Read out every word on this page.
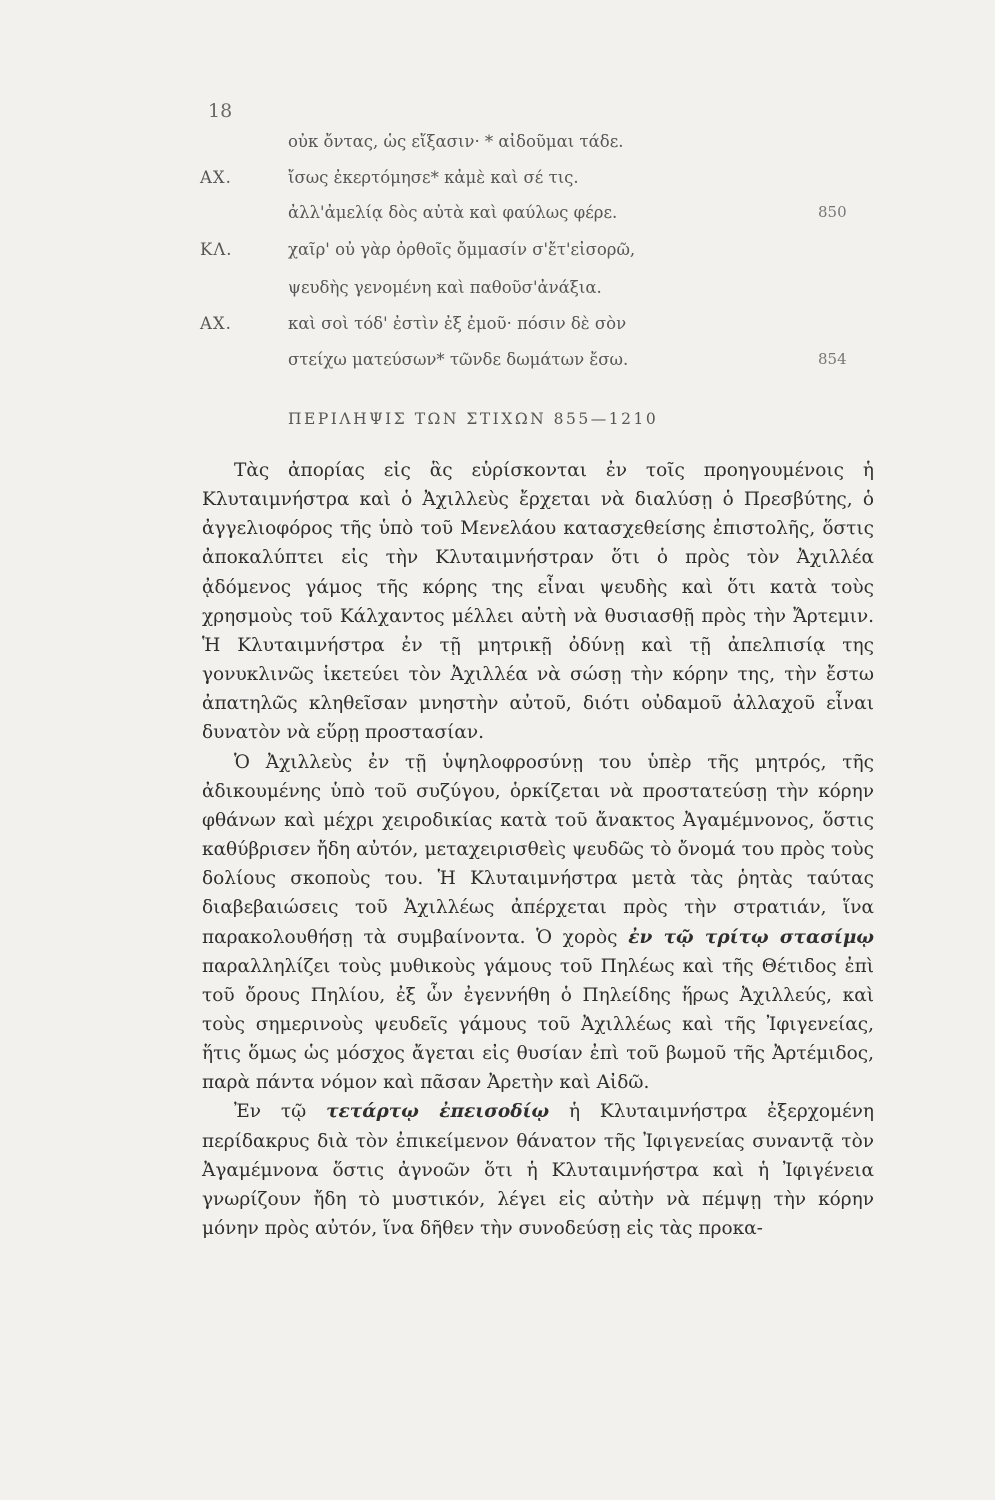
18
οὐκ ὄντας, ὡς εἴξασιν· * αἰδοῦμαι τάδε.
ΑΧ.	ἴσως ἐκερτόμησε* κἀμὲ καὶ σέ τις.
ἀλλ'ἀμελίᾳ δὸς αὐτὰ καὶ φαύλως φέρε.	850
ΚΛ.	χαῖρ' οὐ γὰρ ὀρθοῖς ὄμμασίν σ'ἔτ'εἰσορῶ,
ψευδὴς γενομένη καὶ παθοῦσ'ἀνάξια.
ΑΧ.	καὶ σοὶ τόδ' ἐστὶν ἐξ ἐμοῦ· πόσιν δὲ σὸν
στείχω ματεύσων* τῶνδε δωμάτων ἔσω.	854
ΠΕΡΙΛΗΨΙΣ ΤΩΝ ΣΤΙΧΩΝ 855—1210

Τὰς ἀπορίας εἰς ἃς εὑρίσκονται ἐν τοῖς προηγουμένοις ἡ Κλυταιμνήστρα καὶ ὁ Ἀχιλλεὺς ἔρχεται νὰ διαλύσῃ ὁ Πρεσβύτης, ὁ ἀγγελιοφόρος τῆς ὑπὸ τοῦ Μενελάου κατασχεθείσης ἐπιστολῆς, ὅστις ἀποκαλύπτει εἰς τὴν Κλυταιμνήστραν ὅτι ὁ πρὸς τὸν Ἀχιλλέα ᾀδόμενος γάμος τῆς κόρης της εἶναι ψευδὴς καὶ ὅτι κατὰ τοὺς χρησμοὺς τοῦ Κάλχαντος μέλλει αὐτὴ νὰ θυσιασθῇ πρὸς τὴν Ἄρτεμιν. Ἡ Κλυταιμνήστρα ἐν τῇ μητρικῇ ὀδύνῃ καὶ τῇ ἀπελπισίᾳ της γονυκλινῶς ἱκετεύει τὸν Ἀχιλλέα νὰ σώσῃ τὴν κόρην της, τὴν ἔστω ἀπατηλῶς κληθεῖσαν μνηστὴν αὐτοῦ, διότι οὐδαμοῦ ἀλλαχοῦ εἶναι δυνατὸν νὰ εὕρῃ προστασίαν.

Ὁ Ἀχιλλεὺς ἐν τῇ ὑψηλοφροσύνῃ του ὑπὲρ τῆς μητρός, τῆς ἀδικουμένης ὑπὸ τοῦ συζύγου, ὁρκίζεται νὰ προστατεύσῃ τὴν κόρην φθάνων καὶ μέχρι χειροδικίας κατὰ τοῦ ἄνακτος Ἀγαμέμνονος, ὅστις καθύβρισεν ἤδη αὐτόν, μεταχειρισθεὶς ψευδῶς τὸ ὄνομά του πρὸς τοὺς δολίους σκοποὺς του. Ἡ Κλυταιμνήστρα μετὰ τὰς ῥητὰς ταύτας διαβεβαιώσεις τοῦ Ἀχιλλέως ἀπέρχεται πρὸς τὴν στρατιάν, ἵνα παρακολουθήσῃ τὰ συμβαίνοντα. Ὁ χορὸς ἐν τῷ τρίτῳ στασίμῳ παραλληλίζει τοὺς μυθικοὺς γάμους τοῦ Πηλέως καὶ τῆς Θέτιδος ἐπὶ τοῦ ὄρους Πηλίου, ἐξ ὧν ἐγεννήθη ὁ Πηλείδης ἥρως Ἀχιλλεύς, καὶ τοὺς σημερινοὺς ψευδεῖς γάμους τοῦ Ἀχιλλέως καὶ τῆς Ἰφιγενείας, ἥτις ὅμως ὡς μόσχος ἄγεται εἰς θυσίαν ἐπὶ τοῦ βωμοῦ τῆς Ἀρτέμιδος, παρὰ πάντα νόμον καὶ πᾶσαν Ἀρετὴν καὶ Αἰδῶ.

Ἐν τῷ τετάρτῳ ἐπεισοδίῳ ἡ Κλυταιμνήστρα ἐξερχομένη περίδακρυς διὰ τὸν ἐπικείμενον θάνατον τῆς Ἰφιγενείας συναντᾷ τὸν Ἀγαμέμνονα ὅστις ἀγνοῶν ὅτι ἡ Κλυταιμνήστρα καὶ ἡ Ἰφιγένεια γνωρίζουν ἤδη τὸ μυστικόν, λέγει εἰς αὐτὴν νὰ πέμψῃ τὴν κόρην μόνην πρὸς αὐτόν, ἵνα δῆθεν τὴν συνοδεύσῃ εἰς τὰς προκα-
